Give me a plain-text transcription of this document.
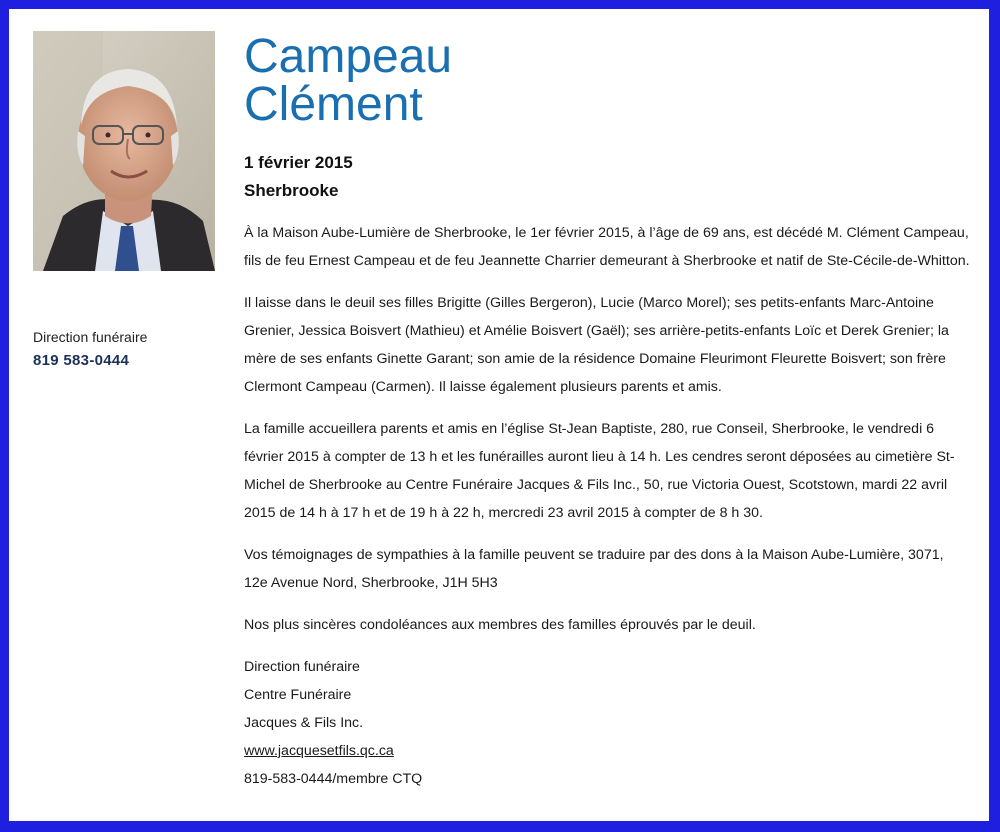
Direction funéraire
819 583-0444
Campeau
Clément
1 février 2015
Sherbrooke
À la Maison Aube-Lumière de Sherbrooke, le 1er février 2015, à l’âge de 69 ans, est décédé M. Clément Campeau,
fils de feu Ernest Campeau et de feu Jeannette Charrier demeurant à Sherbrooke et natif de Ste-Cécile-de-Whitton.
Il laisse dans le deuil ses filles Brigitte (Gilles Bergeron), Lucie (Marco Morel); ses petits-enfants Marc-Antoine
Grenier, Jessica Boisvert (Mathieu) et Amélie Boisvert (Gaël); ses arrière-petits-enfants Loïc et Derek Grenier; la
mère de ses enfants Ginette Garant; son amie de la résidence Domaine Fleurimont Fleurette Boisvert; son frère
Clermont Campeau (Carmen). Il laisse également plusieurs parents et amis.
La famille accueillera parents et amis en l’église St-Jean Baptiste, 280, rue Conseil, Sherbrooke, le vendredi 6
février 2015 à compter de 13 h et les funérailles auront lieu à 14 h. Les cendres seront déposées au cimetière St-
Michel de Sherbrooke au Centre Funéraire Jacques & Fils Inc., 50, rue Victoria Ouest, Scotstown, mardi 22 avril
2015 de 14 h à 17 h et de 19 h à 22 h, mercredi 23 avril 2015 à compter de 8 h 30.
Vos témoignages de sympathies à la famille peuvent se traduire par des dons à la Maison Aube-Lumière, 3071,
12e Avenue Nord, Sherbrooke, J1H 5H3
Nos plus sincères condoléances aux membres des familles éprouvés par le deuil.
Direction funéraire
Centre Funéraire
Jacques & Fils Inc.
www.jacquesetfils.qc.ca
819-583-0444/membre CTQ
